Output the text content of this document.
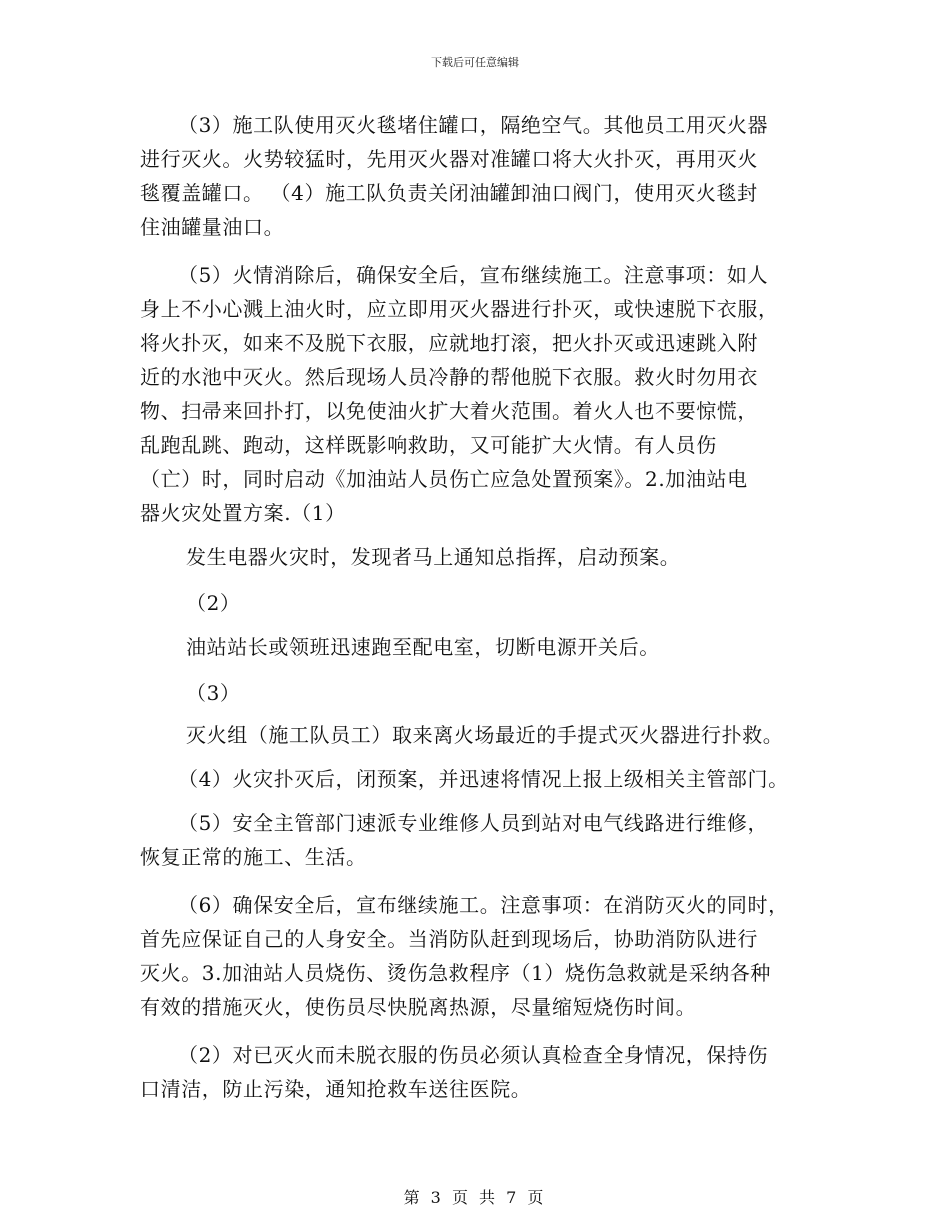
下载后可任意编辑
（3）施工队使用灭火毯堵住罐口，隔绝空气。其他员工用灭火器
进行灭火。火势较猛时，先用灭火器对准罐口将大火扑灭，再用灭火
毯覆盖罐口。 （4）施工队负责关闭油罐卸油口阀门，使用灭火毯封
住油罐量油口。
（5）火情消除后，确保安全后，宣布继续施工。注意事项：如人
身上不小心溅上油火时，应立即用灭火器进行扑灭，或快速脱下衣服，
将火扑灭，如来不及脱下衣服，应就地打滚，把火扑灭或迅速跳入附
近的水池中灭火。然后现场人员冷静的帮他脱下衣服。救火时勿用衣
物、扫帚来回扑打，以免使油火扩大着火范围。着火人也不要惊慌，
乱跑乱跳、跑动，这样既影响救助，又可能扩大火情。有人员伤
（亡）时，同时启动《加油站人员伤亡应急处置预案》。2.加油站电
器火灾处置方案.（1）
发生电器火灾时，发现者马上通知总指挥，启动预案。
（2）
油站站长或领班迅速跑至配电室，切断电源开关后。
（3）
灭火组（施工队员工）取来离火场最近的手提式灭火器进行扑救。
（4）火灾扑灭后，闭预案，并迅速将情况上报上级相关主管部门。
（5）安全主管部门速派专业维修人员到站对电气线路进行维修，
恢复正常的施工、生活。
（6）确保安全后，宣布继续施工。注意事项：在消防灭火的同时，
首先应保证自己的人身安全。当消防队赶到现场后，协助消防队进行
灭火。3.加油站人员烧伤、烫伤急救程序（1）烧伤急救就是采纳各种
有效的措施灭火，使伤员尽快脱离热源，尽量缩短烧伤时间。
（2）对已灭火而未脱衣服的伤员必须认真检查全身情况，保持伤
口清洁，防止污染，通知抢救车送往医院。
第 3 页 共 7 页
